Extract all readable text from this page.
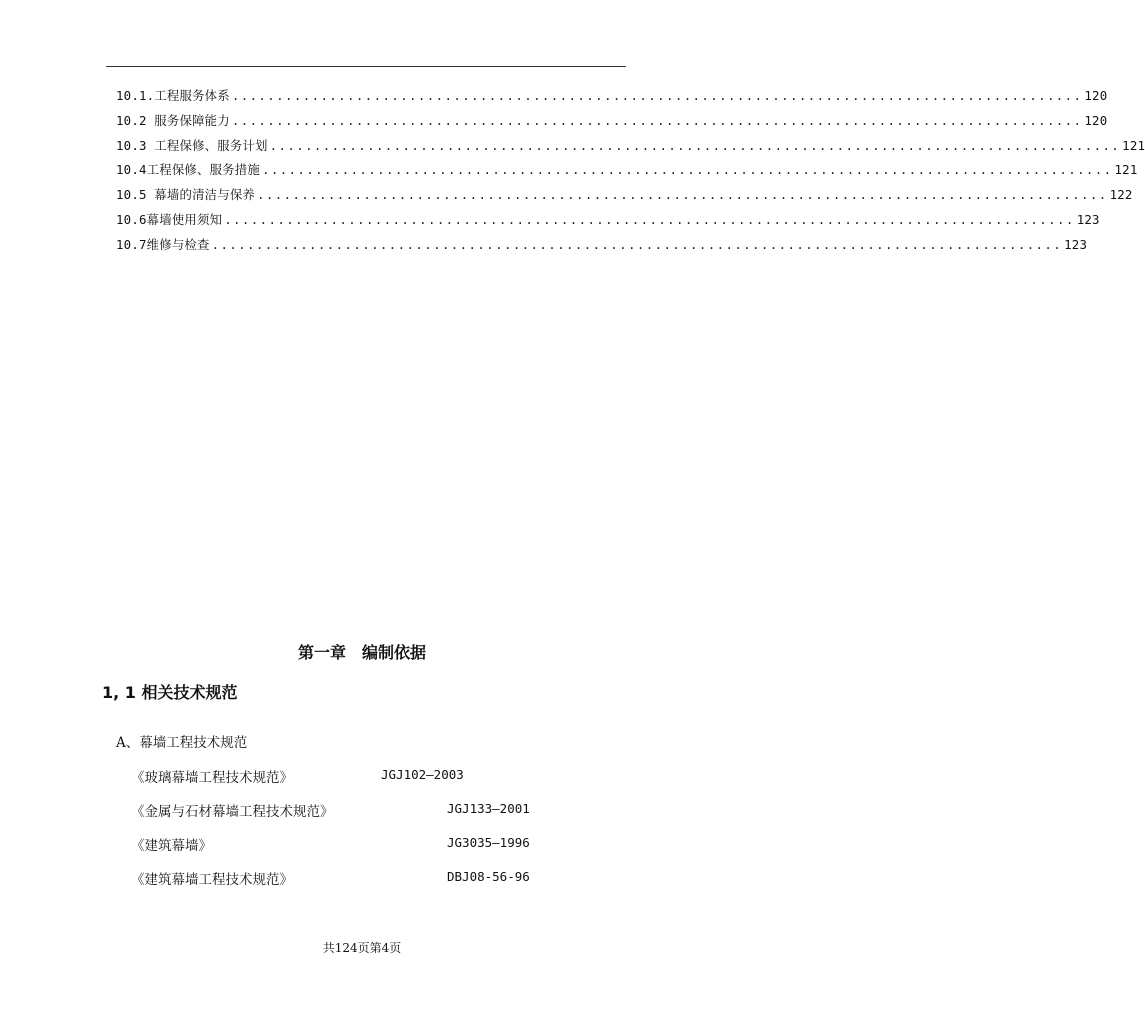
10.1.工程服务体系 ................................................................................................ 120
10.2 服务保障能力 ................................................................................................ 120
10.3 工程保修、服务计划 ................................................................................................ 121
10.4工程保修、服务措施 ................................................................................................ 121
10.5 幕墙的清洁与保养 ................................................................................................ 122
10.6幕墙使用须知 ................................................................................................ 123
10.7维修与检查 ................................................................................................ 123
第一章　编制依据
1, 1 相关技术规范
A、幕墙工程技术规范
《玻璃幕墙工程技术规范》	JGJ102—2003
《金属与石材幕墙工程技术规范》	JGJ133—2001
《建筑幕墙》	JG3035—1996
《建筑幕墙工程技术规范》	DBJ08-56-96
共124页第4页
